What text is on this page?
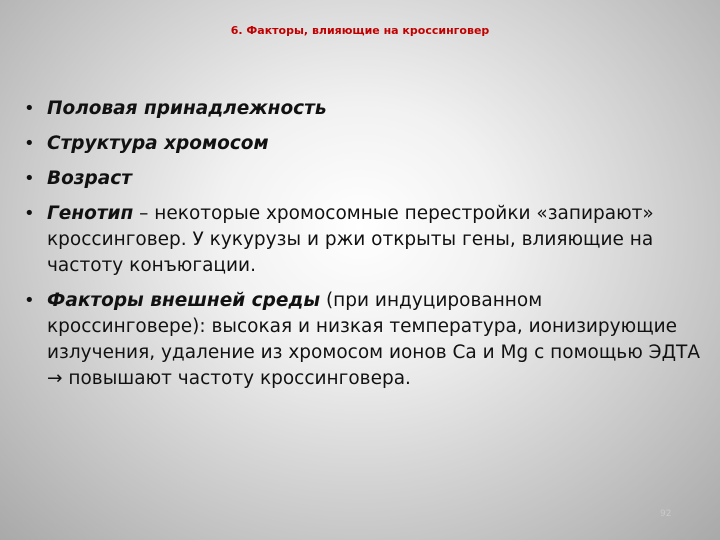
6. Факторы, влияющие на кроссинговер
• Половая принадлежность
• Структура хромосом
• Возраст
• Генотип – некоторые хромосомные перестройки «запирают» кроссинговер. У кукурузы и ржи открыты гены, влияющие на частоту конъюгации.
• Факторы внешней среды (при индуцированном кроссинговере): высокая и низкая температура, ионизирующие излучения, удаление из хромосом ионов Са и Mg с помощью ЭДТА → повышают частоту кроссинговера.
92
